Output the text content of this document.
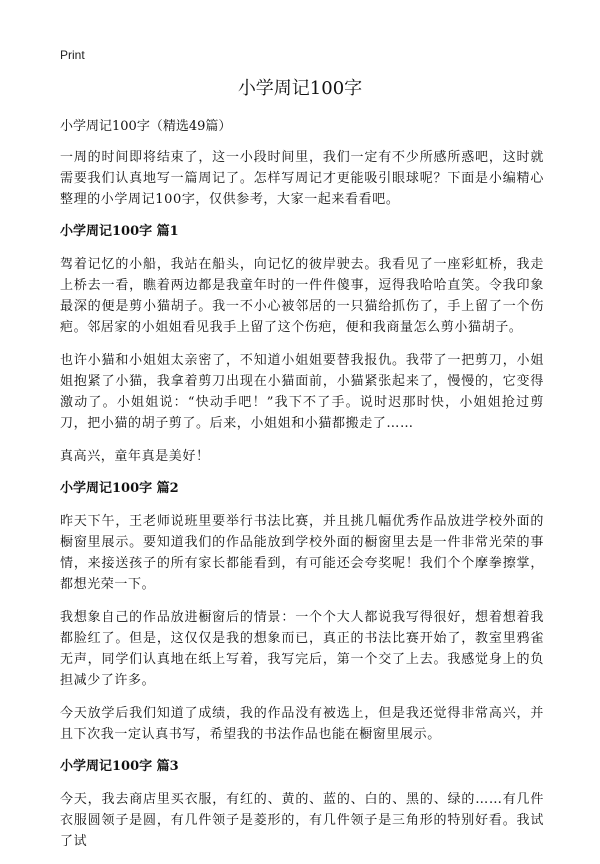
Print
小学周记100字

小学周记100字（精选49篇）

一周的时间即将结束了，这一小段时间里，我们一定有不少所感所惑吧，这时就需要我们认真地写一篇周记了。怎样写周记才更能吸引眼球呢？下面是小编精心整理的小学周记100字，仅供参考，大家一起来看看吧。

小学周记100字 篇1

驾着记忆的小船，我站在船头，向记忆的彼岸驶去。我看见了一座彩虹桥，我走上桥去一看，瞧着两边都是我童年时的一件件傻事，逗得我哈哈直笑。令我印象最深的便是剪小猫胡子。我一不小心被邻居的一只猫给抓伤了，手上留了一个伤疤。邻居家的小姐姐看见我手上留了这个伤疤，便和我商量怎么剪小猫胡子。

也许小猫和小姐姐太亲密了，不知道小姐姐要替我报仇。我带了一把剪刀，小姐姐抱紧了小猫，我拿着剪刀出现在小猫面前，小猫紧张起来了，慢慢的，它变得激动了。小姐姐说：“快动手吧！”我下不了手。说时迟那时快，小姐姐抢过剪刀，把小猫的胡子剪了。后来，小姐姐和小猫都搬走了……

真高兴，童年真是美好！

小学周记100字 篇2

昨天下午，王老师说班里要举行书法比赛，并且挑几幅优秀作品放进学校外面的橱窗里展示。要知道我们的作品能放到学校外面的橱窗里去是一件非常光荣的事情，来接送孩子的所有家长都能看到，有可能还会夸奖呢！我们个个摩拳擦掌，都想光荣一下。

我想象自己的作品放进橱窗后的情景：一个个大人都说我写得很好，想着想着我都脸红了。但是，这仅仅是我的想象而已，真正的书法比赛开始了，教室里鸦雀无声，同学们认真地在纸上写着，我写完后，第一个交了上去。我感觉身上的负担减少了许多。

今天放学后我们知道了成绩，我的作品没有被选上，但是我还觉得非常高兴，并且下次我一定认真书写，希望我的书法作品也能在橱窗里展示。

小学周记100字 篇3

今天，我去商店里买衣服，有红的、黄的、蓝的、白的、黑的、绿的……有几件衣服圆领子是圆，有几件领子是菱形的，有几件领子是三角形的特别好看。我试了试
